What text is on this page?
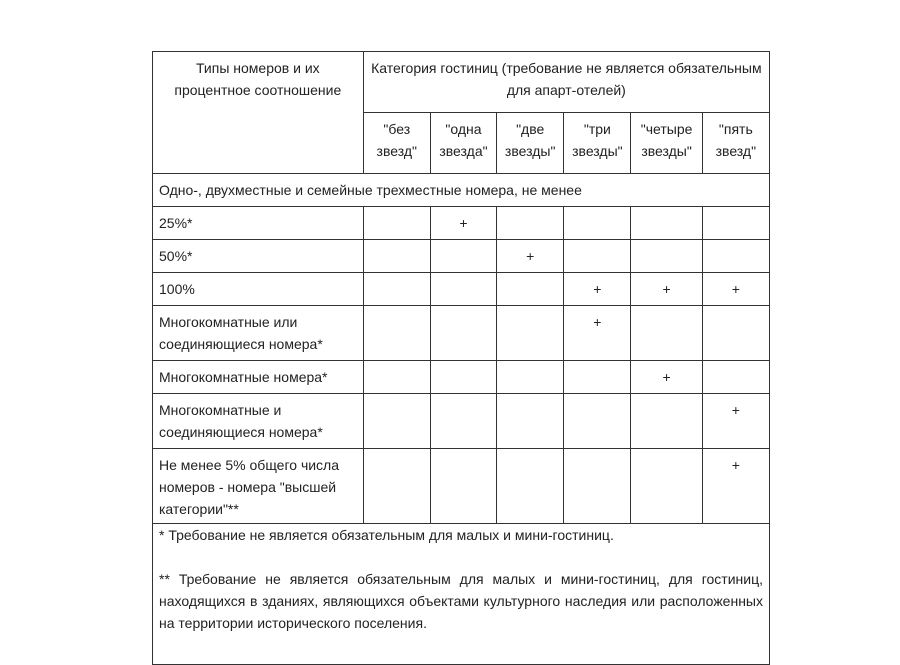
Типы номеров и их процентное соотношение	Категория гостиниц (требование не является обязательным для апарт-отелей)					
	"без звезд"	"одна звезда"	"две звезды"	"три звезды"	"четыре звезды"	"пять звезд"
Одно-, двухместные и семейные трехместные номера, не менее						
25%*		+				
50%*			+			
100%				+	+	+
Многокомнатные или соединяющиеся номера*				+		
Многокомнатные номера*					+	
Многокомнатные и соединяющиеся номера*						+
Не менее 5% общего числа номеров - номера "высшей категории"**						+

* Требование не является обязательным для малых и мини-гостиниц.

** Требование не является обязательным для малых и мини-гостиниц, для гостиниц, находящихся в зданиях, являющихся объектами культурного наследия или расположенных на территории исторического поселения.						
